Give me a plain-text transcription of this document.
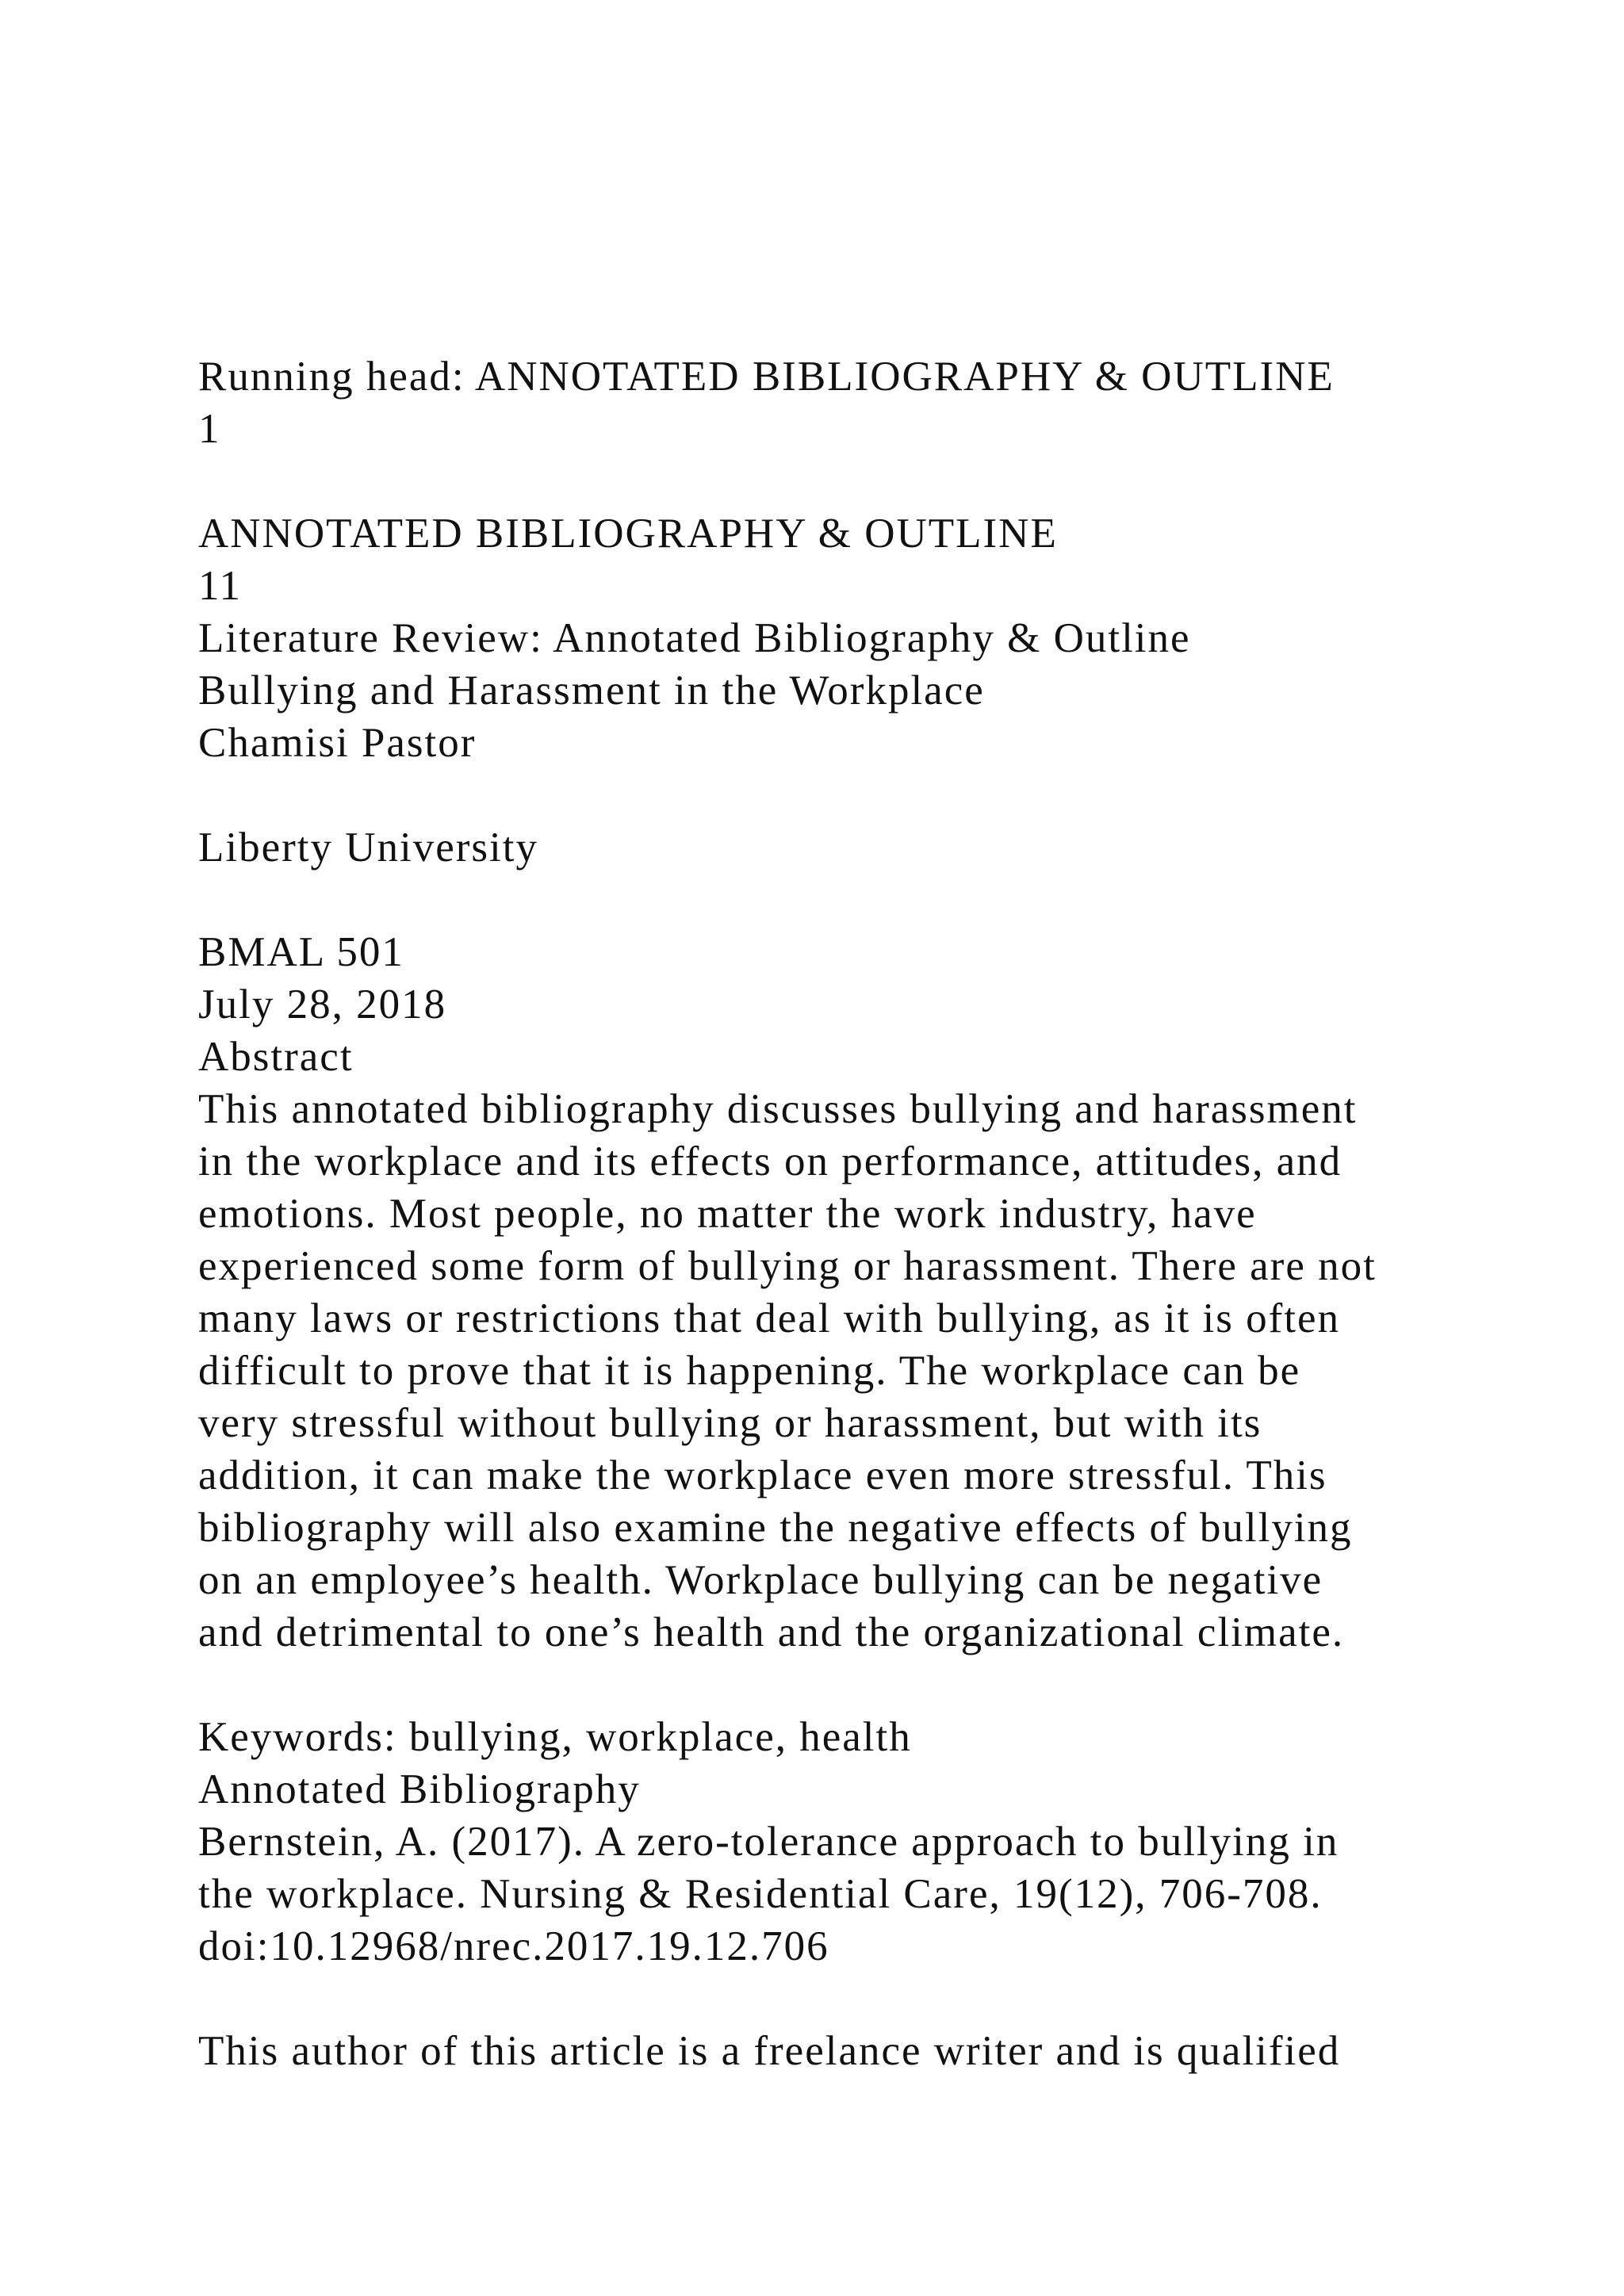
Running head: ANNOTATED BIBLIOGRAPHY & OUTLINE
1
ANNOTATED BIBLIOGRAPHY & OUTLINE
11
Literature Review: Annotated Bibliography & Outline
Bullying and Harassment in the Workplace
Chamisi Pastor
Liberty University
BMAL 501
July 28, 2018
Abstract
This annotated bibliography discusses bullying and harassment
in the workplace and its effects on performance, attitudes, and
emotions. Most people, no matter the work industry, have
experienced some form of bullying or harassment. There are not
many laws or restrictions that deal with bullying, as it is often
difficult to prove that it is happening. The workplace can be
very stressful without bullying or harassment, but with its
addition, it can make the workplace even more stressful. This
bibliography will also examine the negative effects of bullying
on an employee’s health. Workplace bullying can be negative
and detrimental to one’s health and the organizational climate.
Keywords: bullying, workplace, health
Annotated Bibliography
Bernstein, A. (2017). A zero-tolerance approach to bullying in
the workplace. Nursing & Residential Care, 19(12), 706-708.
doi:10.12968/nrec.2017.19.12.706
This author of this article is a freelance writer and is qualified
